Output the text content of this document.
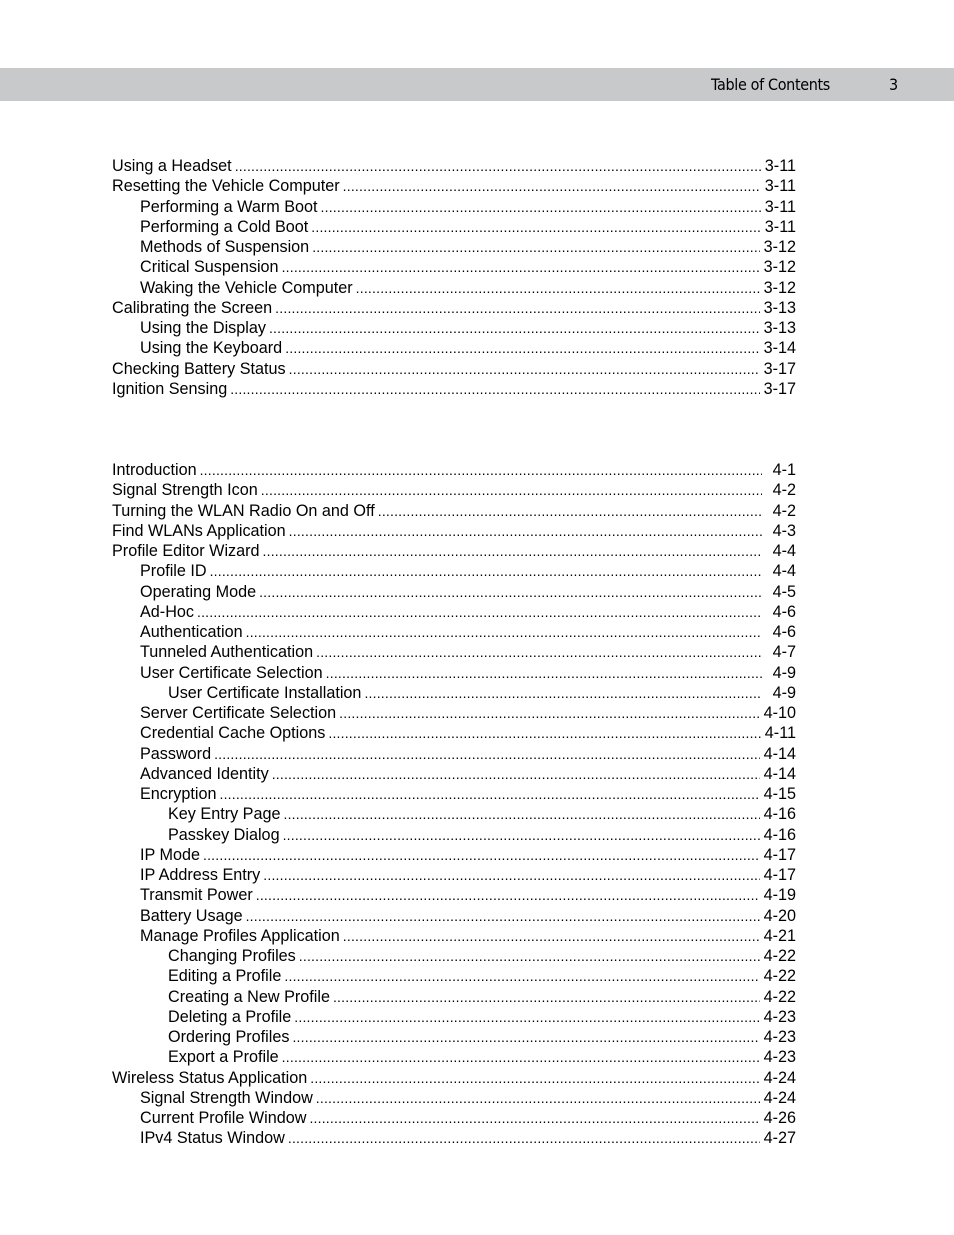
Table of Contents	3
Using a Headset .....	3-11
Resetting the Vehicle Computer .....	3-11
Performing a Warm Boot .....	3-11
Performing a Cold Boot .....	3-11
Methods of Suspension .....	3-12
Critical Suspension .....	3-12
Waking the Vehicle Computer .....	3-12
Calibrating the Screen .....	3-13
Using the Display .....	3-13
Using the Keyboard .....	3-14
Checking Battery Status .....	3-17
Ignition Sensing .....	3-17
Introduction .....	4-1
Signal Strength Icon .....	4-2
Turning the WLAN Radio On and Off .....	4-2
Find WLANs Application .....	4-3
Profile Editor Wizard .....	4-4
Profile ID .....	4-4
Operating Mode .....	4-5
Ad-Hoc .....	4-6
Authentication .....	4-6
Tunneled Authentication .....	4-7
User Certificate Selection .....	4-9
User Certificate Installation .....	4-9
Server Certificate Selection .....	4-10
Credential Cache Options .....	4-11
Password .....	4-14
Advanced Identity .....	4-14
Encryption .....	4-15
Key Entry Page .....	4-16
Passkey Dialog .....	4-16
IP Mode .....	4-17
IP Address Entry .....	4-17
Transmit Power .....	4-19
Battery Usage .....	4-20
Manage Profiles Application .....	4-21
Changing Profiles .....	4-22
Editing a Profile .....	4-22
Creating a New Profile .....	4-22
Deleting a Profile .....	4-23
Ordering Profiles .....	4-23
Export a Profile .....	4-23
Wireless Status Application .....	4-24
Signal Strength Window .....	4-24
Current Profile Window .....	4-26
IPv4 Status Window .....	4-27
